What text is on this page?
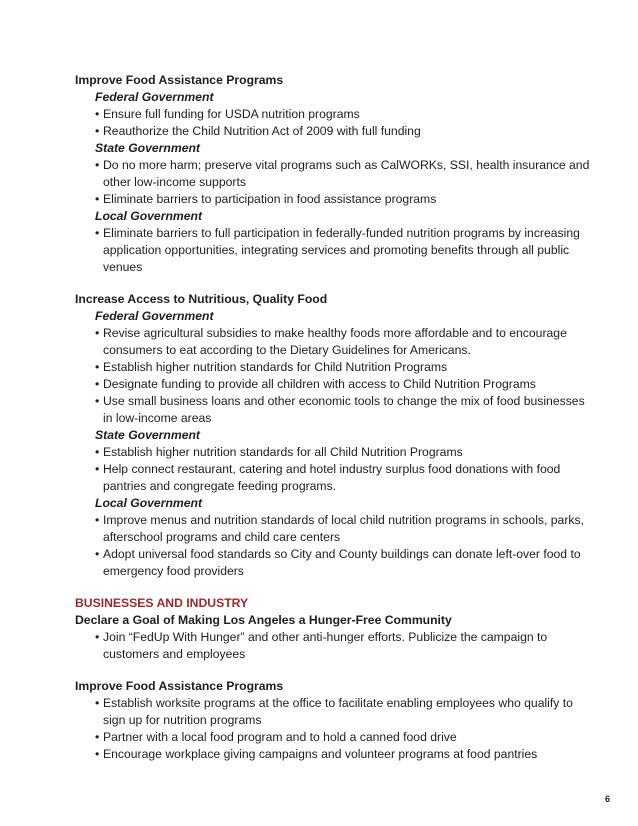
Improve Food Assistance Programs

Federal Government

• Ensure full funding for USDA nutrition programs
• Reauthorize the Child Nutrition Act of 2009 with full funding

State Government

• Do no more harm; preserve vital programs such as CalWORKs, SSI, health insurance and other low-income supports
• Eliminate barriers to participation in food assistance programs

Local Government

• Eliminate barriers to full participation in federally-funded nutrition programs by increasing application opportunities, integrating services and promoting benefits through all public venues

Increase Access to Nutritious, Quality Food

Federal Government

• Revise agricultural subsidies to make healthy foods more affordable and to encourage consumers to eat according to the Dietary Guidelines for Americans.
• Establish higher nutrition standards for Child Nutrition Programs
• Designate funding to provide all children with access to Child Nutrition Programs
• Use small business loans and other economic tools to change the mix of food businesses in low-income areas

State Government

• Establish higher nutrition standards for all Child Nutrition Programs
• Help connect restaurant, catering and hotel industry surplus food donations with food pantries and congregate feeding programs.

Local Government

• Improve menus and nutrition standards of local child nutrition programs in schools, parks, afterschool programs and child care centers
• Adopt universal food standards so City and County buildings can donate left-over food to emergency food providers

BUSINESSES AND INDUSTRY

Declare a Goal of Making Los Angeles a Hunger-Free Community

• Join “FedUp With Hunger” and other anti-hunger efforts. Publicize the campaign to customers and employees

Improve Food Assistance Programs

• Establish worksite programs at the office to facilitate enabling employees who qualify to sign up for nutrition programs
• Partner with a local food program and to hold a canned food drive
• Encourage workplace giving campaigns and volunteer programs at food pantries
6
